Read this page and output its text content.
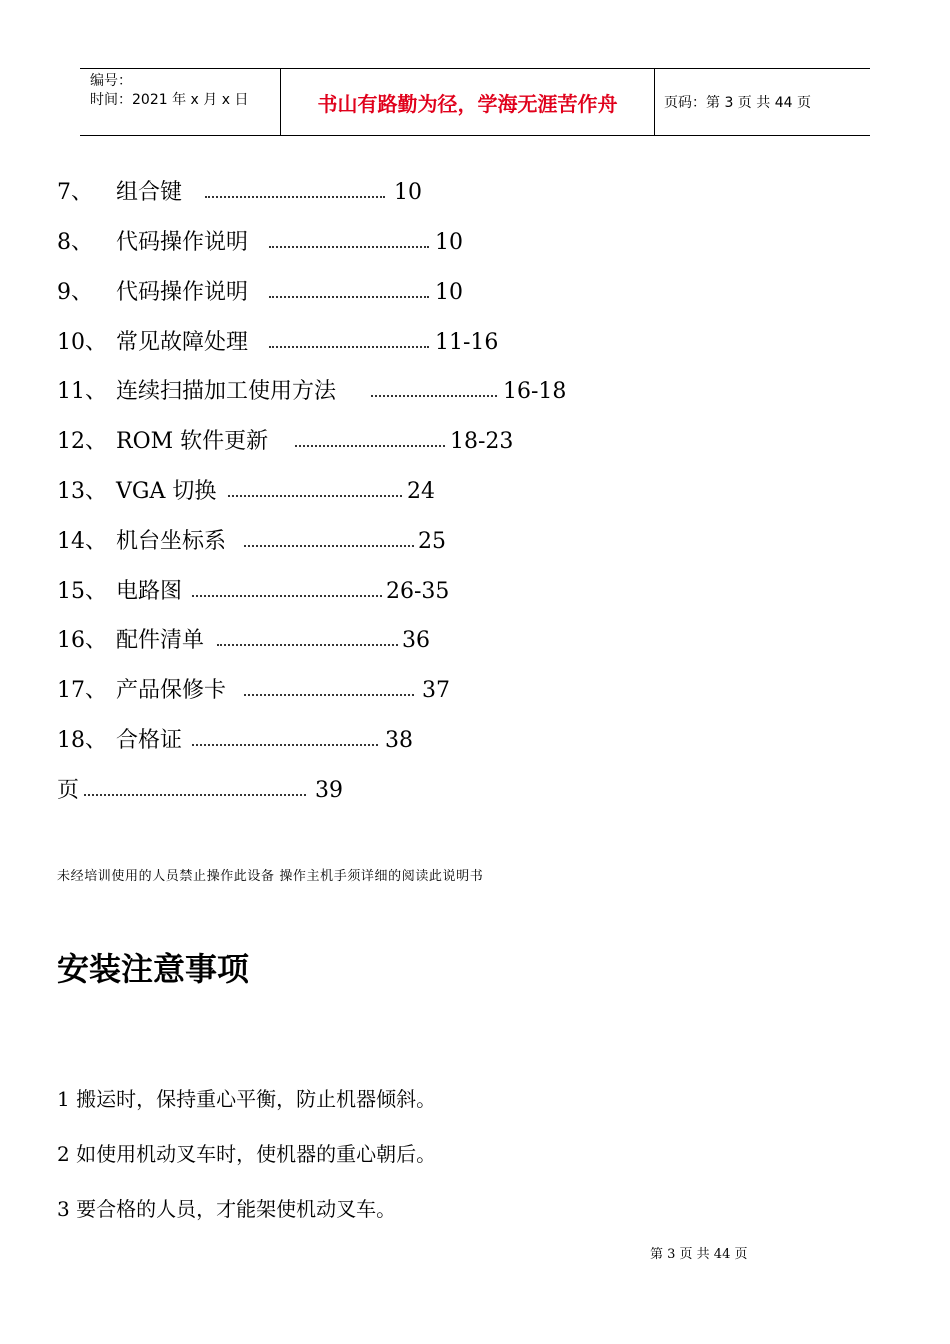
编号：
时间：2021 年 x 月 x 日	书山有路勤为径，学海无涯苦作舟	页码：第 3 页 共 44 页
7、 组合键	10
8、 代码操作说明	10
9、 代码操作说明	10
10、 常见故障处理	11-16
11、 连续扫描加工使用方法	16-18
12、 ROM 软件更新	18-23
13、 VGA 切换	24
14、 机台坐标系	25
15、 电路图	26-35
16、 配件清单	36
17、 产品保修卡	37
18、 合格证	38
页	39
未经培训使用的人员禁止操作此设备 操作主机手须详细的阅读此说明书
安装注意事项
1 搬运时，保持重心平衡，防止机器倾斜。
2 如使用机动叉车时，使机器的重心朝后。
3 要合格的人员，才能架使机动叉车。
第 3 页 共 44 页
